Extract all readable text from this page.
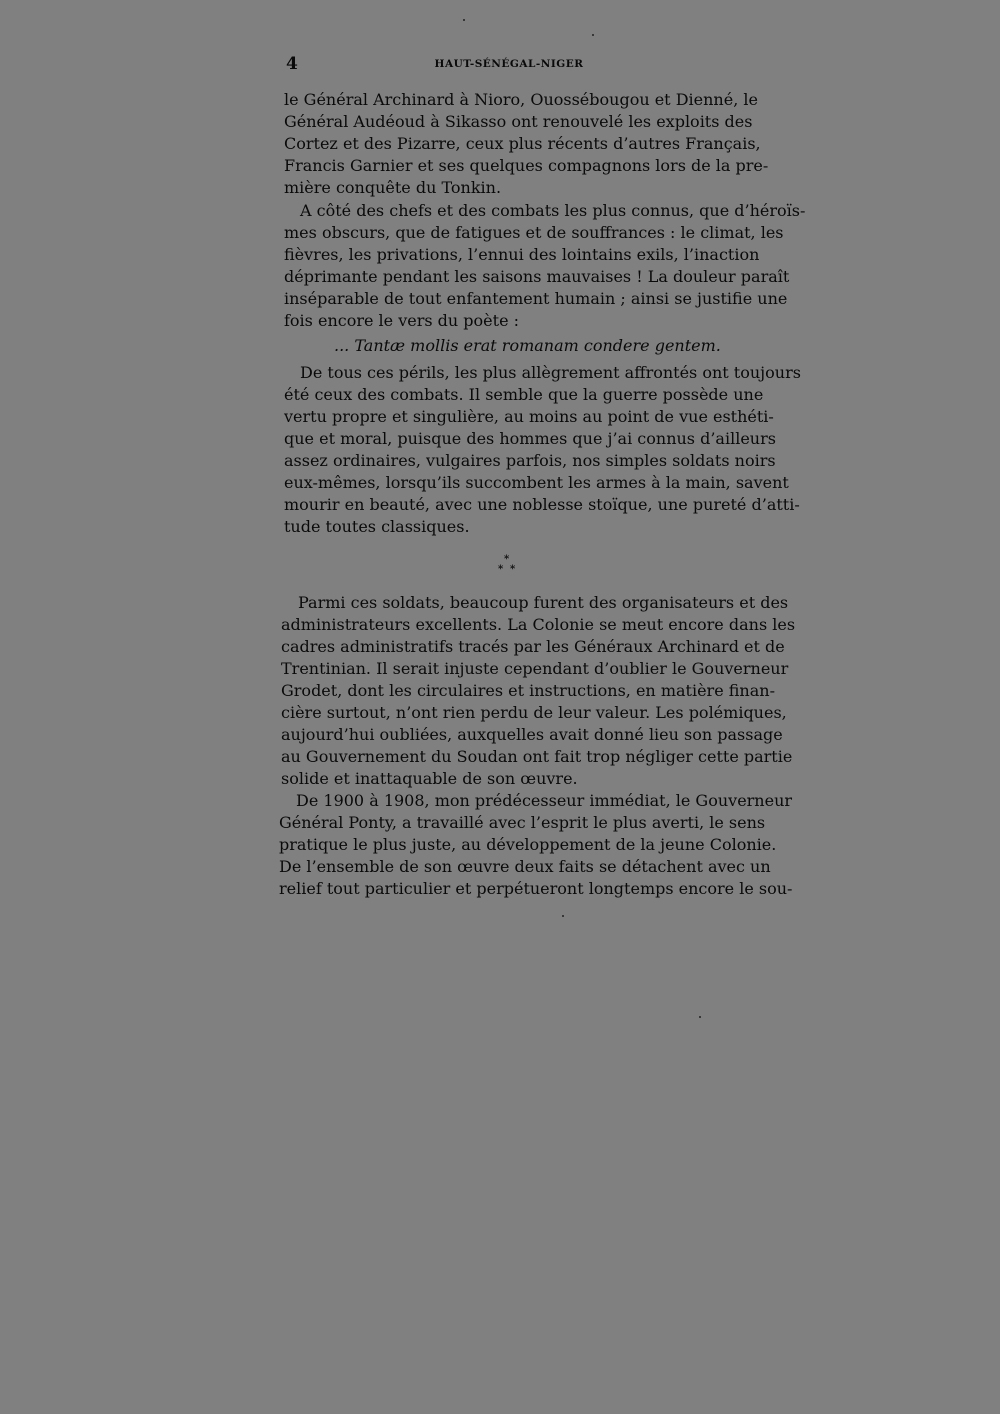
4	HAUT-SÉNÉGAL-NIGER
le Général Archinard à Nioro, Ouossébougou et Dienné, le
Général Audéoud à Sikasso ont renouvelé les exploits des
Cortez et des Pizarre, ceux plus récents d’autres Français,
Francis Garnier et ses quelques compagnons lors de la pre-
mière conquête du Tonkin.
A côté des chefs et des combats les plus connus, que d’héroïs-
mes obscurs, que de fatigues et de souffrances : le climat, les
fièvres, les privations, l’ennui des lointains exils, l’inaction
déprimante pendant les saisons mauvaises ! La douleur paraît
inséparable de tout enfantement humain ; ainsi se justifie une
fois encore le vers du poète :
... Tantæ mollis erat romanam condere gentem.
De tous ces périls, les plus allègrement affrontés ont toujours
été ceux des combats. Il semble que la guerre possède une
vertu propre et singulière, au moins au point de vue esthéti-
que et moral, puisque des hommes que j’ai connus d’ailleurs
assez ordinaires, vulgaires parfois, nos simples soldats noirs
eux-mêmes, lorsqu’ils succombent les armes à la main, savent
mourir en beauté, avec une noblesse stoïque, une pureté d’atti-
tude toutes classiques.
*
* *
Parmi ces soldats, beaucoup furent des organisateurs et des
administrateurs excellents. La Colonie se meut encore dans les
cadres administratifs tracés par les Généraux Archinard et de
Trentinian. Il serait injuste cependant d’oublier le Gouverneur
Grodet, dont les circulaires et instructions, en matière finan-
cière surtout, n’ont rien perdu de leur valeur. Les polémiques,
aujourd’hui oubliées, auxquelles avait donné lieu son passage
au Gouvernement du Soudan ont fait trop négliger cette partie
solide et inattaquable de son œuvre.
De 1900 à 1908, mon prédécesseur immédiat, le Gouverneur
Général Ponty, a travaillé avec l’esprit le plus averti, le sens
pratique le plus juste, au développement de la jeune Colonie.
De l’ensemble de son œuvre deux faits se détachent avec un
relief tout particulier et perpétueront longtemps encore le sou-
